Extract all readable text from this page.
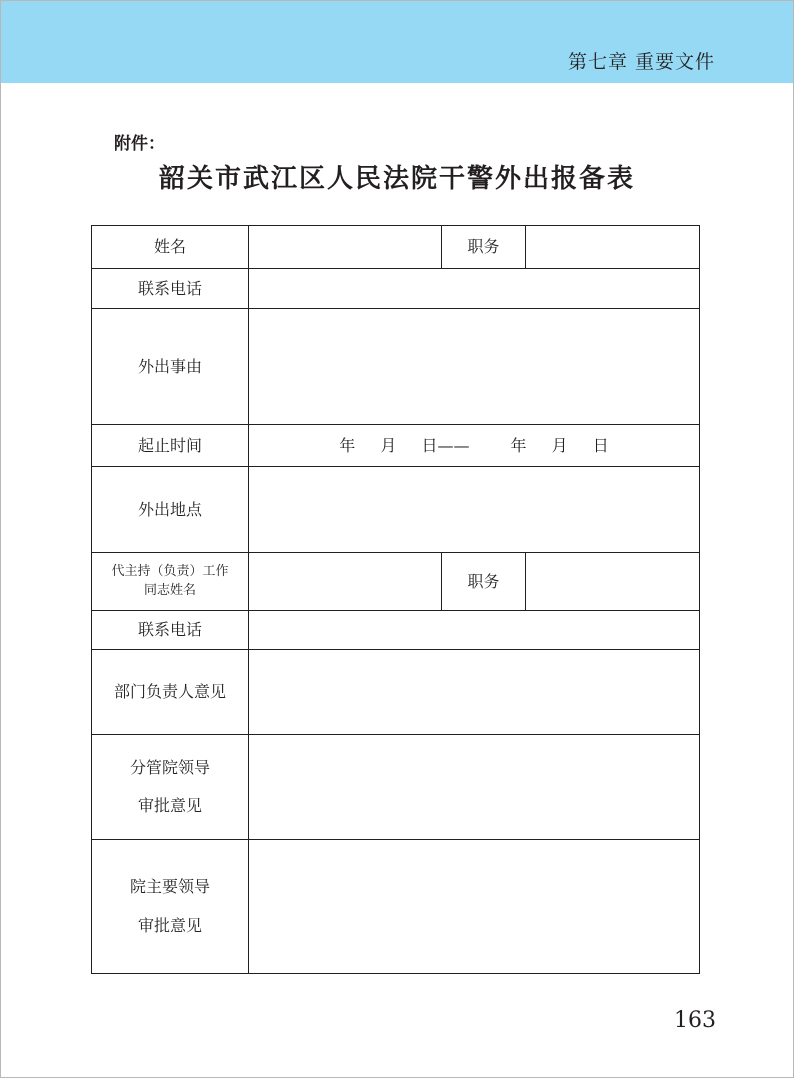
第七章 重要文件
附件：
韶关市武江区人民法院干警外出报备表
姓名		职务	
联系电话			
外出事由			
起止时间	年 月 日—— 年 月 日		
外出地点			

代主持（负责）工作
同志姓名		职务	
联系电话			
部门负责人意见			

分管院领导
审批意见			

院主要领导
审批意见			

163
